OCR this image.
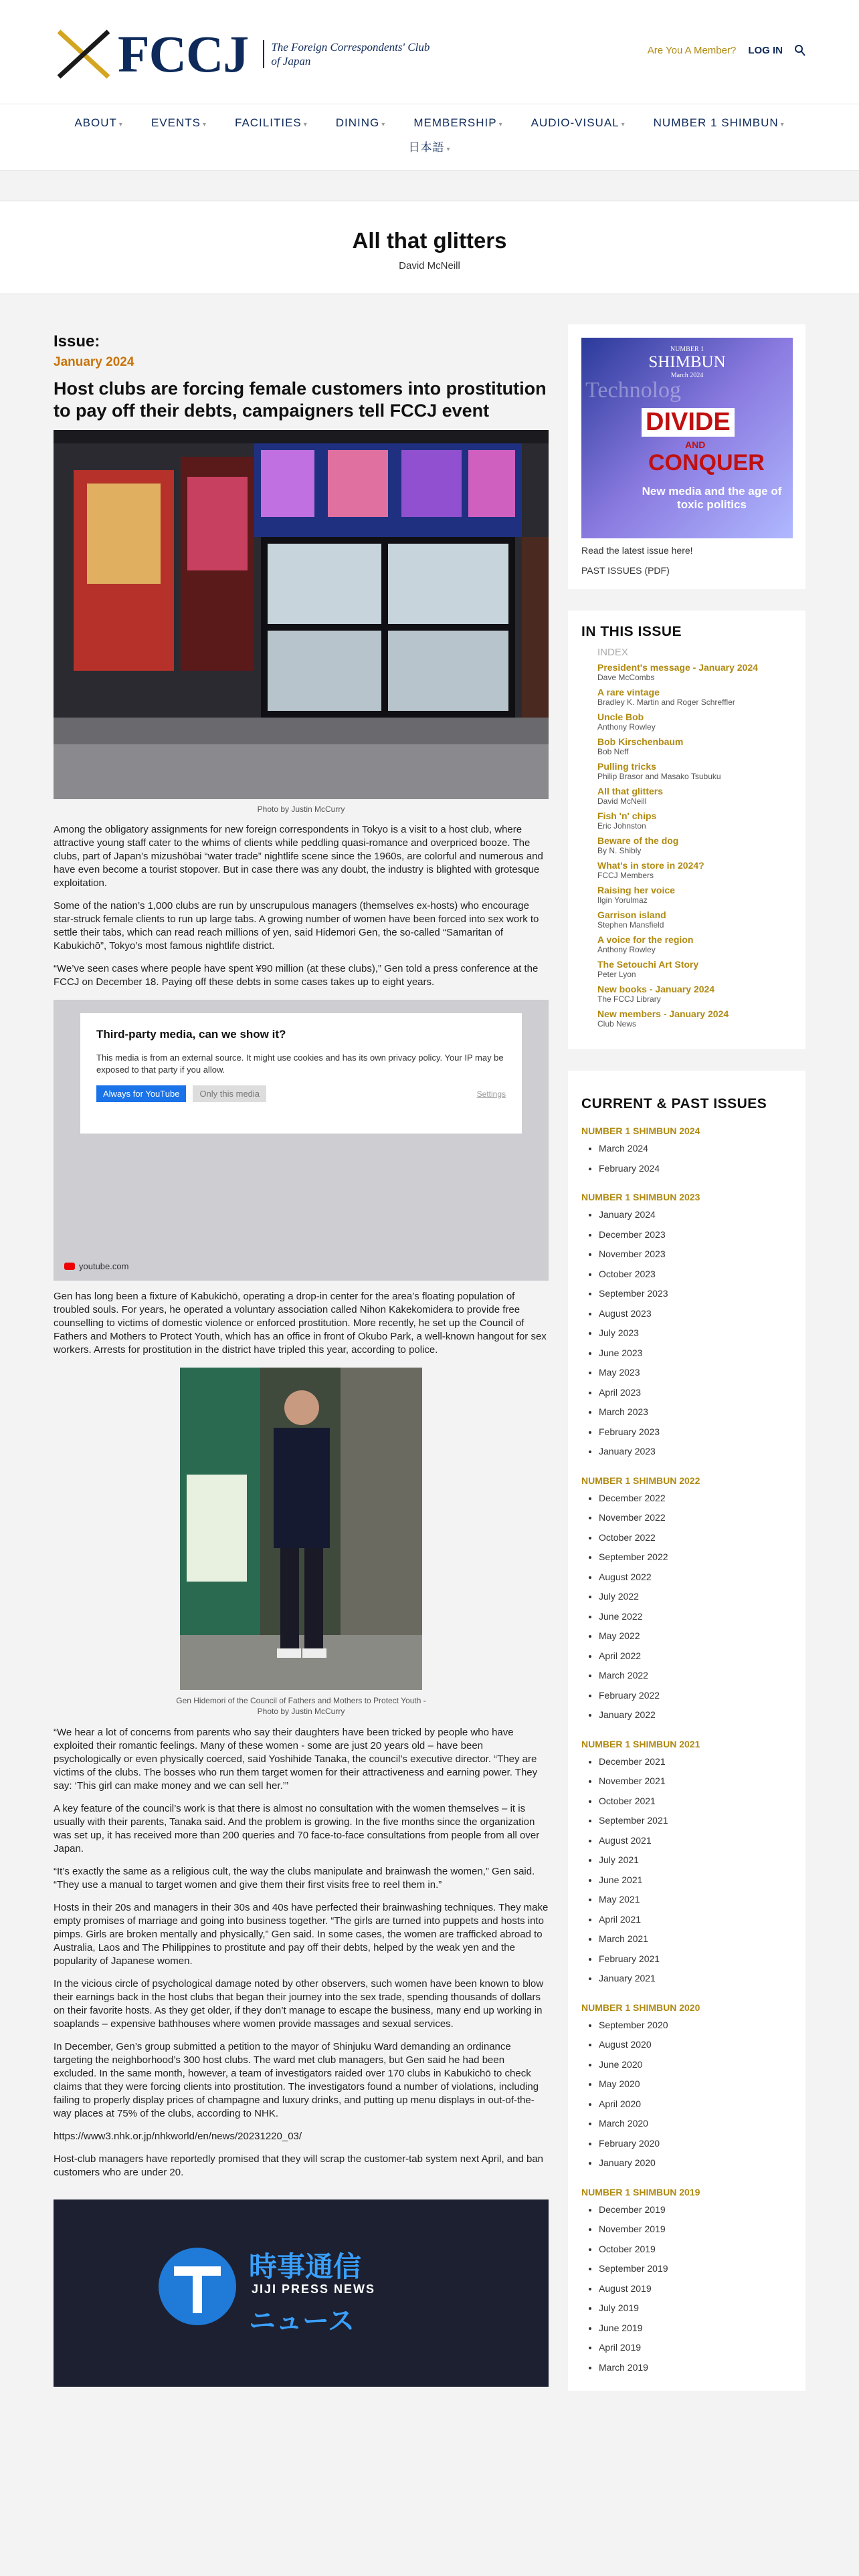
FCCJ	The Foreign Correspondents' Club of Japan
Are You A Member? LOG IN
ABOUT ▾ EVENTS ▾ FACILITIES ▾ DINING ▾ MEMBERSHIP ▾ AUDIO-VISUAL ▾ NUMBER 1 SHIMBUN ▾
日本語 ▾
All that glitters
David McNeill
Issue:
January 2024
Host clubs are forcing female customers into prostitution to pay off their debts, campaigners tell FCCJ event
Photo by Justin McCurry

Among the obligatory assignments for new foreign correspondents in Tokyo is a visit to a host club, where attractive young staff cater to the whims of clients while peddling quasi-romance and overpriced booze. The clubs, part of Japan’s mizushōbai “water trade” nightlife scene since the 1960s, are colorful and numerous and have even become a tourist stopover. But in case there was any doubt, the industry is blighted with grotesque exploitation.

Some of the nation’s 1,000 clubs are run by unscrupulous managers (themselves ex-hosts) who encourage star-struck female clients to run up large tabs. A growing number of women have been forced into sex work to settle their tabs, which can read reach millions of yen, said Hidemori Gen, the so-called “Samaritan of Kabukichō”, Tokyo’s most famous nightlife district.

“We’ve seen cases where people have spent ¥90 million (at these clubs),” Gen told a press conference at the FCCJ on December 18. Paying off these debts in some cases takes up to eight years.

Third-party media, can we show it?
This media is from an external source. It might use cookies and has its own privacy policy. Your IP may be exposed to that party if you allow.
Always for YouTube	Only this media	Settings
youtube.com

Gen has long been a fixture of Kabukichō, operating a drop-in center for the area’s floating population of troubled souls. For years, he operated a voluntary association called Nihon Kakekomidera to provide free counselling to victims of domestic violence or enforced prostitution. More recently, he set up the Council of Fathers and Mothers to Protect Youth, which has an office in front of Okubo Park, a well-known hangout for sex workers. Arrests for prostitution in the district have tripled this year, according to police.

Gen Hidemori of the Council of Fathers and Mothers to Protect Youth - Photo by Justin McCurry

“We hear a lot of concerns from parents who say their daughters have been tricked by people who have exploited their romantic feelings. Many of these women - some are just 20 years old – have been psychologically or even physically coerced, said Yoshihide Tanaka, the council’s executive director. “They are victims of the clubs. The bosses who run them target women for their attractiveness and earning power. They say: ‘This girl can make money and we can sell her.’”

A key feature of the council’s work is that there is almost no consultation with the women themselves – it is usually with their parents, Tanaka said. And the problem is growing. In the five months since the organization was set up, it has received more than 200 queries and 70 face-to-face consultations from people from all over Japan.

“It’s exactly the same as a religious cult, the way the clubs manipulate and brainwash the women,” Gen said. “They use a manual to target women and give them their first visits free to reel them in.”

Hosts in their 20s and managers in their 30s and 40s have perfected their brainwashing techniques. They make empty promises of marriage and going into business together. “The girls are turned into puppets and hosts into pimps. Girls are broken mentally and physically,” Gen said. In some cases, the women are trafficked abroad to Australia, Laos and The Philippines to prostitute and pay off their debts, helped by the weak yen and the popularity of Japanese women.

In the vicious circle of psychological damage noted by other observers, such women have been known to blow their earnings back in the host clubs that began their journey into the sex trade, spending thousands of dollars on their favorite hosts. As they get older, if they don’t manage to escape the business, many end up working in soaplands – expensive bathhouses where women provide massages and sexual services.

In December, Gen’s group submitted a petition to the mayor of Shinjuku Ward demanding an ordinance targeting the neighborhood’s 300 host clubs. The ward met club managers, but Gen said he had been excluded. In the same month, however, a team of investigators raided over 170 clubs in Kabukichō to check claims that they were forcing clients into prostitution. The investigators found a number of violations, including failing to properly display prices of champagne and luxury drinks, and putting up menu displays in out-of-the-way places at 75% of the clubs, according to NHK.

https://www3.nhk.or.jp/nhkworld/en/news/20231220_03/

Host-club managers have reportedly promised that they will scrap the customer-tab system next April, and ban customers who are under 20.

時事通信
JIJI PRESS NEWS
ニュース
NUMBER 1
SHIMBUN
March 2024
Technolog
DIVIDE
AND
CONQUER
New media and the age of toxic politics
Read the latest issue here!
PAST ISSUES (PDF)
IN THIS ISSUE
INDEX
President's message - January 2024
Dave McCombs
A rare vintage
Bradley K. Martin and Roger Schreffler
Uncle Bob
Anthony Rowley
Bob Kirschenbaum
Bob Neff
Pulling tricks
Philip Brasor and Masako Tsubuku
All that glitters
David McNeill
Fish 'n' chips
Eric Johnston
Beware of the dog
By N. Shibly
What's in store in 2024?
FCCJ Members
Raising her voice
Ilgin Yorulmaz
Garrison island
Stephen Mansfield
A voice for the region
Anthony Rowley
The Setouchi Art Story
Peter Lyon
New books - January 2024
The FCCJ Library
New members - January 2024
Club News
CURRENT & PAST ISSUES
NUMBER 1 SHIMBUN 2024
• March 2024
• February 2024
NUMBER 1 SHIMBUN 2023
• January 2024
• December 2023
• November 2023
• October 2023
• September 2023
• August 2023
• July 2023
• June 2023
• May 2023
• April 2023
• March 2023
• February 2023
• January 2023
NUMBER 1 SHIMBUN 2022
• December 2022
• November 2022
• October 2022
• September 2022
• August 2022
• July 2022
• June 2022
• May 2022
• April 2022
• March 2022
• February 2022
• January 2022
NUMBER 1 SHIMBUN 2021
• December 2021
• November 2021
• October 2021
• September 2021
• August 2021
• July 2021
• June 2021
• May 2021
• April 2021
• March 2021
• February 2021
• January 2021
NUMBER 1 SHIMBUN 2020
• September 2020
• August 2020
• June 2020
• May 2020
• April 2020
• March 2020
• February 2020
• January 2020
NUMBER 1 SHIMBUN 2019
• December 2019
• November 2019
• October 2019
• September 2019
• August 2019
• July 2019
• June 2019
• April 2019
• March 2019
